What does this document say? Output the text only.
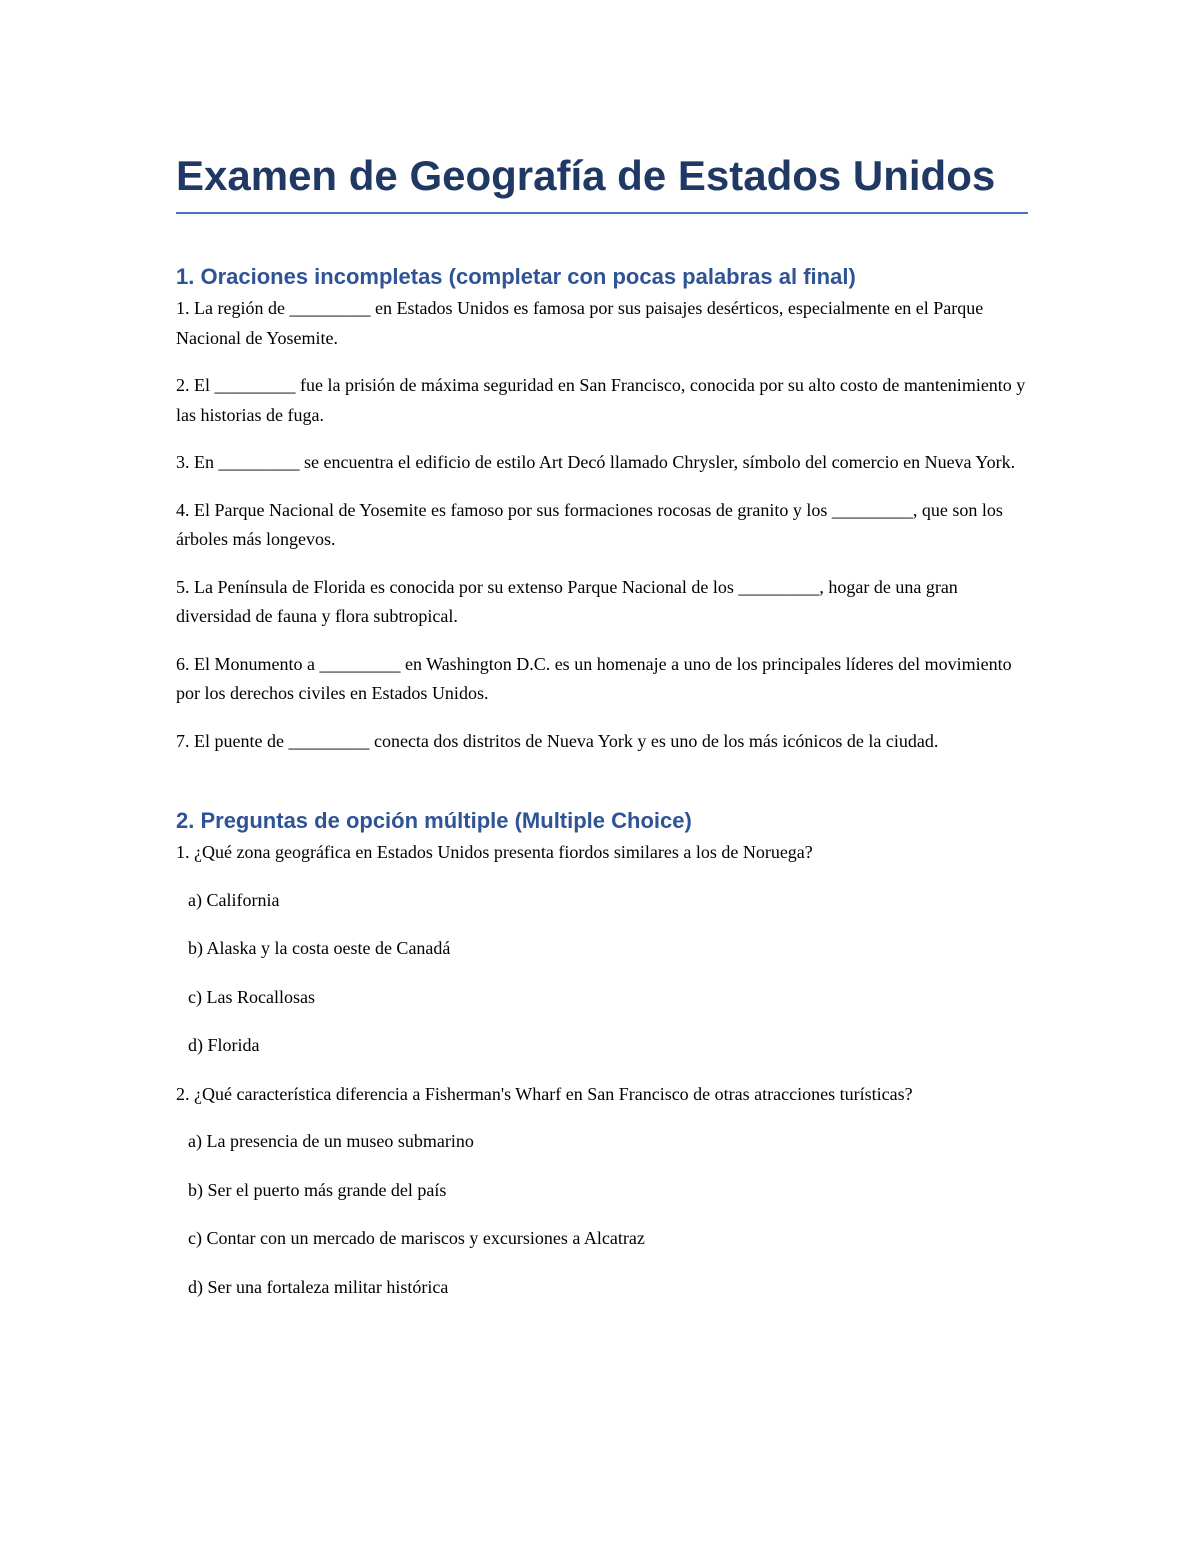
Examen de Geografía de Estados Unidos
1. Oraciones incompletas (completar con pocas palabras al final)

1. La región de _________ en Estados Unidos es famosa por sus paisajes desérticos, especialmente en el Parque Nacional de Yosemite.

2. El _________ fue la prisión de máxima seguridad en San Francisco, conocida por su alto costo de mantenimiento y las historias de fuga.

3. En _________ se encuentra el edificio de estilo Art Decó llamado Chrysler, símbolo del comercio en Nueva York.

4. El Parque Nacional de Yosemite es famoso por sus formaciones rocosas de granito y los _________, que son los árboles más longevos.

5. La Península de Florida es conocida por su extenso Parque Nacional de los _________, hogar de una gran diversidad de fauna y flora subtropical.

6. El Monumento a _________ en Washington D.C. es un homenaje a uno de los principales líderes del movimiento por los derechos civiles en Estados Unidos.

7. El puente de _________ conecta dos distritos de Nueva York y es uno de los más icónicos de la ciudad.

2. Preguntas de opción múltiple (Multiple Choice)

1. ¿Qué zona geográfica en Estados Unidos presenta fiordos similares a los de Noruega?

a) California

b) Alaska y la costa oeste de Canadá

c) Las Rocallosas

d) Florida

2. ¿Qué característica diferencia a Fisherman's Wharf en San Francisco de otras atracciones turísticas?

a) La presencia de un museo submarino

b) Ser el puerto más grande del país

c) Contar con un mercado de mariscos y excursiones a Alcatraz

d) Ser una fortaleza militar histórica
